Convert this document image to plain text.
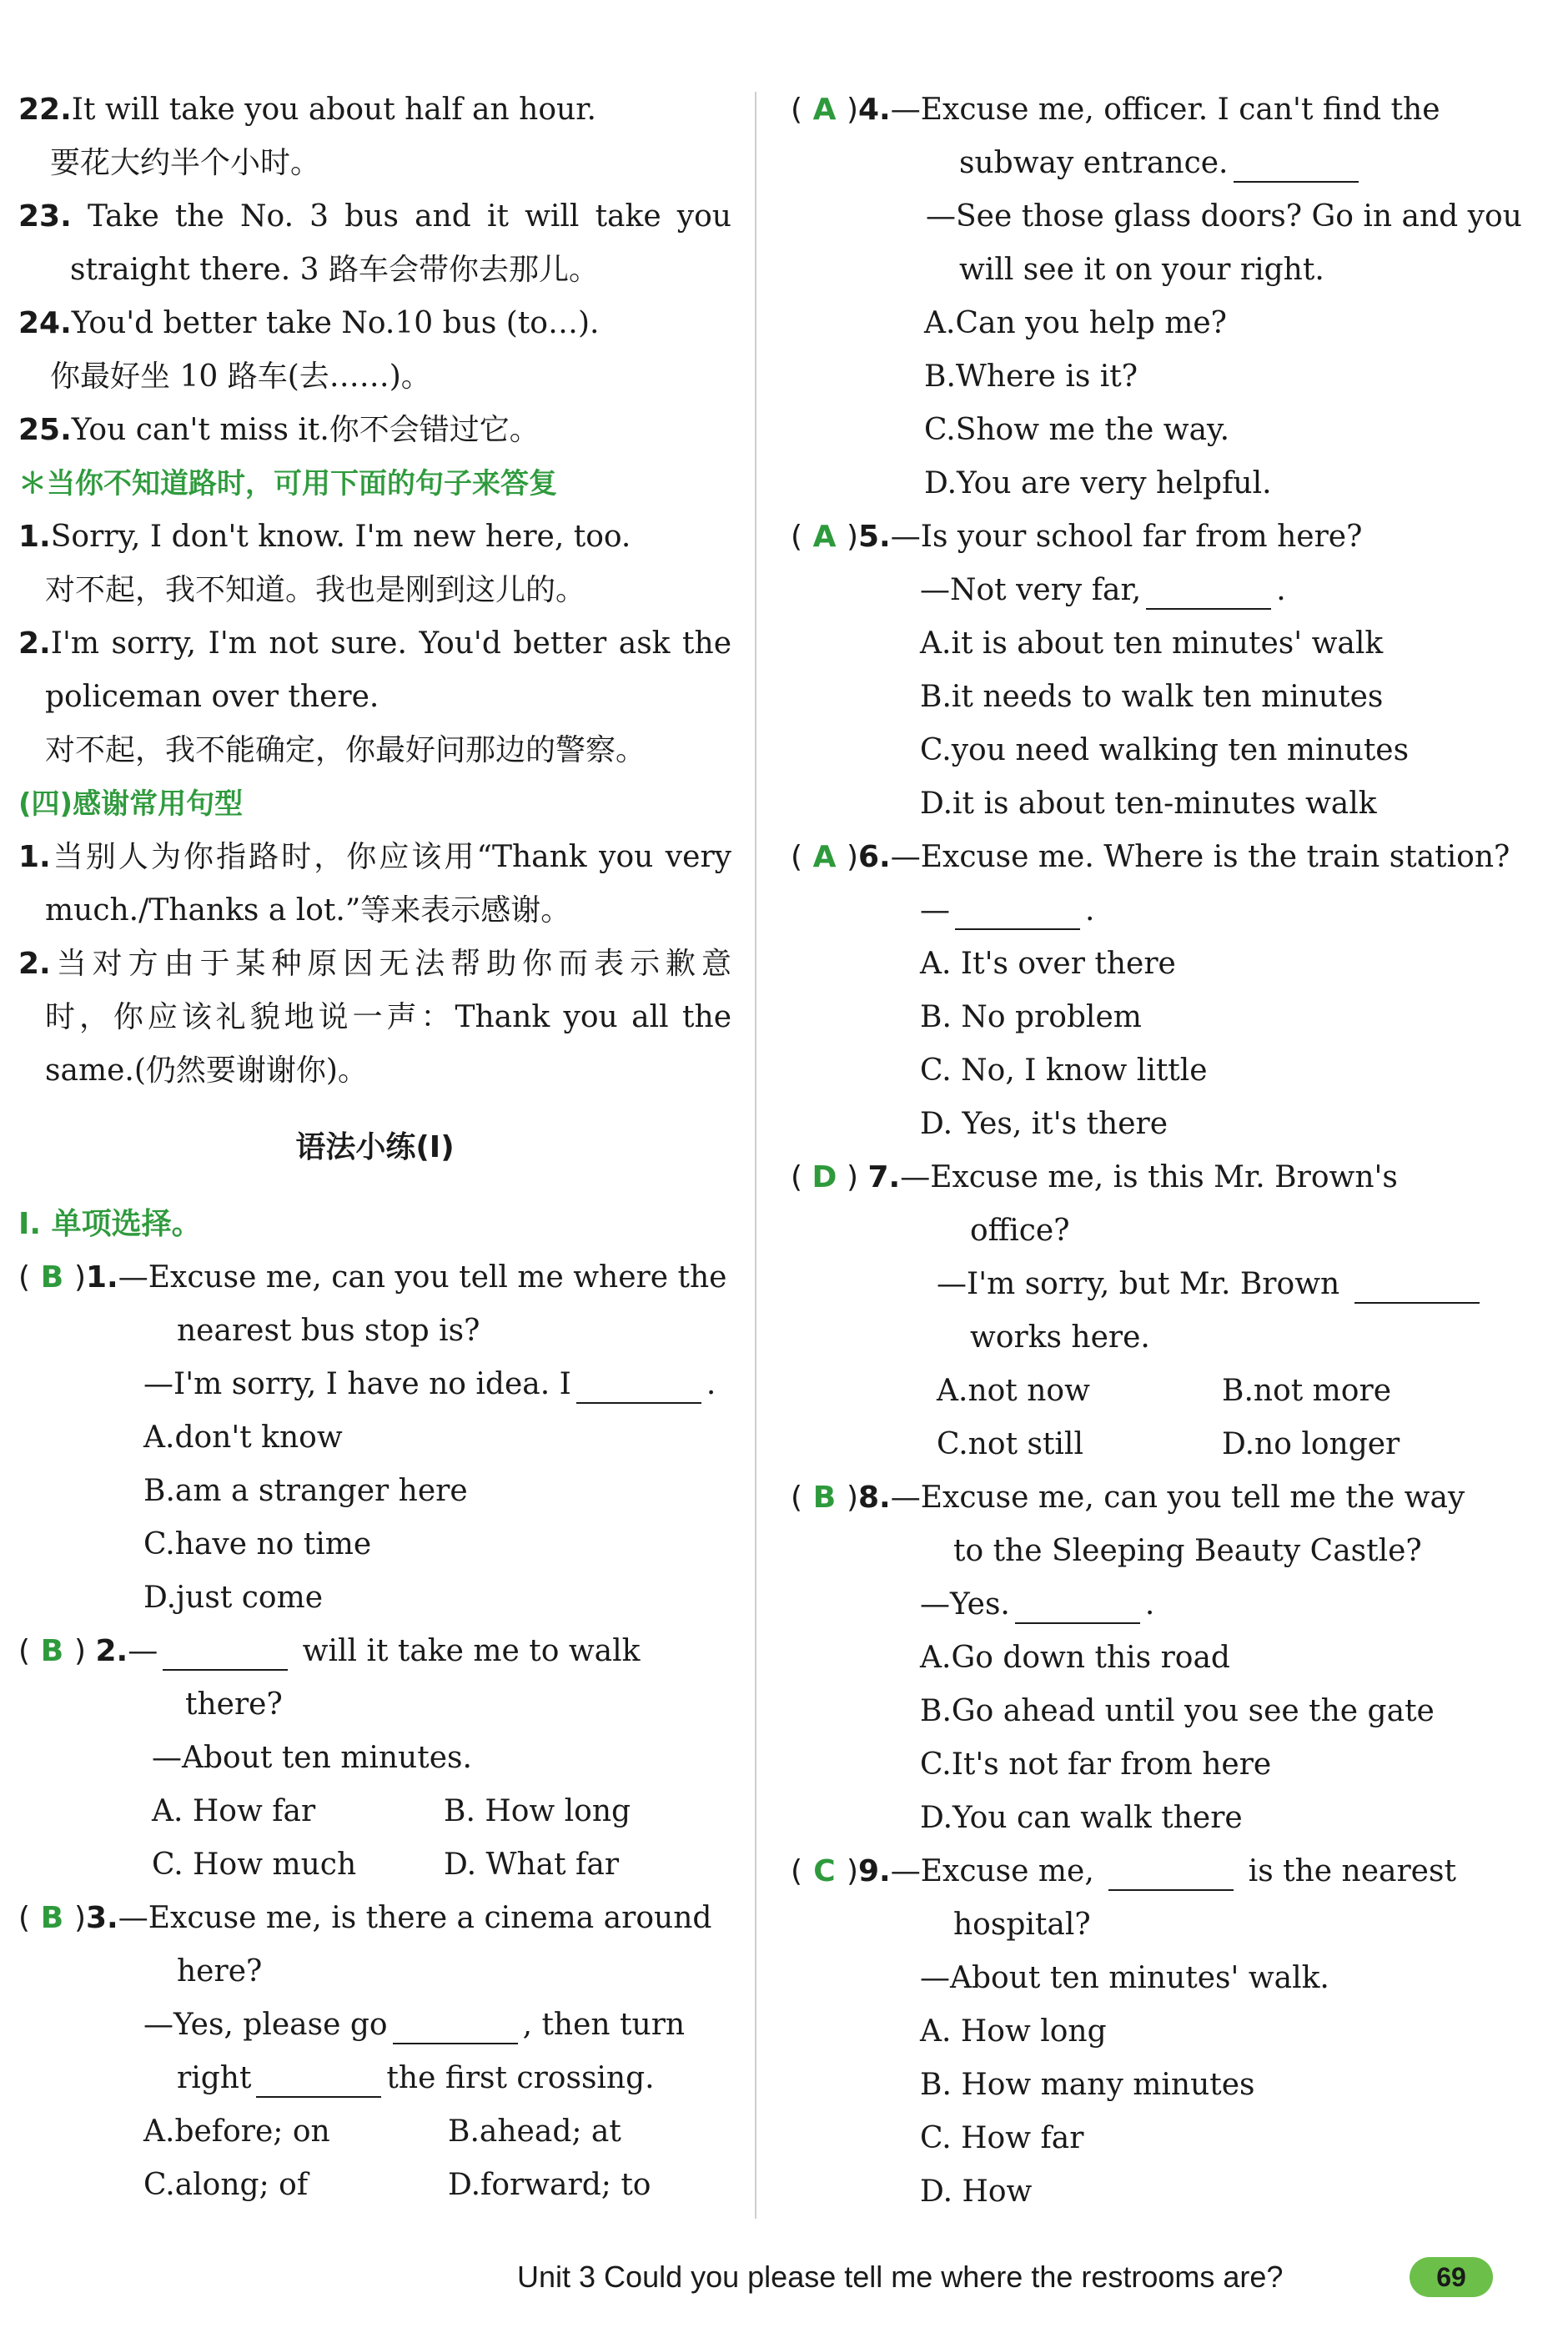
22.It will take you about half an hour.
要花大约半个小时。
23. Take the No. 3 bus and it will take you
straight there. 3 路车会带你去那儿。
24.You'd better take No.10 bus (to…).
你最好坐 10 路车(去……)。
25.You can't miss it.你不会错过它。
＊当你不知道路时，可用下面的句子来答复
1.Sorry, I don't know. I'm new here, too.
对不起，我不知道。我也是刚到这儿的。
2.I'm sorry, I'm not sure. You'd better ask the
policeman over there.
对不起，我不能确定，你最好问那边的警察。
(四)感谢常用句型
1.当别人为你指路时，你应该用“Thank you very
much./Thanks a lot.”等来表示感谢。
2.当对方由于某种原因无法帮助你而表示歉意
时，你应该礼貌地说一声：Thank you all the
same.(仍然要谢谢你)。
语法小练(Ⅰ)
Ⅰ. 单项选择。
( B )1.—Excuse me, can you tell me where the
nearest bus stop is?
—I'm sorry, I have no idea. I	.
A.don't know
B.am a stranger here
C.have no time
D.just come
( B ) 2.—	will it take me to walk
there?
—About ten minutes.
A. How far	B. How long
C. How much	D. What far
( B )3.—Excuse me, is there a cinema around
here?
—Yes, please go	, then turn
right	the first crossing.
A.before; on	B.ahead; at
C.along; of	D.forward; to
( A )4.—Excuse me, officer. I can't find the
subway entrance.
—See those glass doors? Go in and you
will see it on your right.
A.Can you help me?
B.Where is it?
C.Show me the way.
D.You are very helpful.
( A )5.—Is your school far from here?
—Not very far,	.
A.it is about ten minutes' walk
B.it needs to walk ten minutes
C.you need walking ten minutes
D.it is about ten-minutes walk
( A )6.—Excuse me. Where is the train station?
—	.
A. It's over there
B. No problem
C. No, I know little
D. Yes, it's there
( D ) 7.—Excuse me, is this Mr. Brown's
office?
—I'm sorry, but Mr. Brown
works here.
A.not now	B.not more
C.not still	D.no longer
( B )8.—Excuse me, can you tell me the way
to the Sleeping Beauty Castle?
—Yes.	.
A.Go down this road
B.Go ahead until you see the gate
C.It's not far from here
D.You can walk there
( C )9.—Excuse me,	is the nearest
hospital?
—About ten minutes' walk.
A. How long
B. How many minutes
C. How far
D. How
Unit 3 Could you please tell me where the restrooms are?	69
